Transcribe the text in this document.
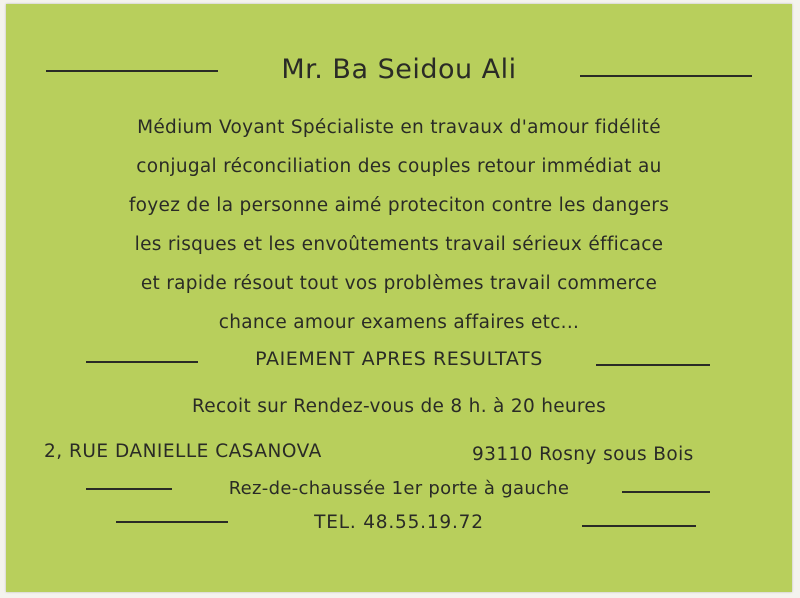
Mr. Ba Seidou Ali
Médium Voyant Spécialiste en travaux d'amour fidélité
conjugal réconciliation des couples retour immédiat au
foyez de la personne aimé proteciton contre les dangers
les risques et les envoûtements travail sérieux éfficace
et rapide résout tout vos problèmes travail commerce
chance amour examens affaires etc...
PAIEMENT APRES RESULTATS
Recoit sur Rendez-vous de 8 h. à 20 heures
2, RUE DANIELLE CASANOVA	93110 Rosny sous Bois
Rez-de-chaussée 1er porte à gauche
TEL. 48.55.19.72
